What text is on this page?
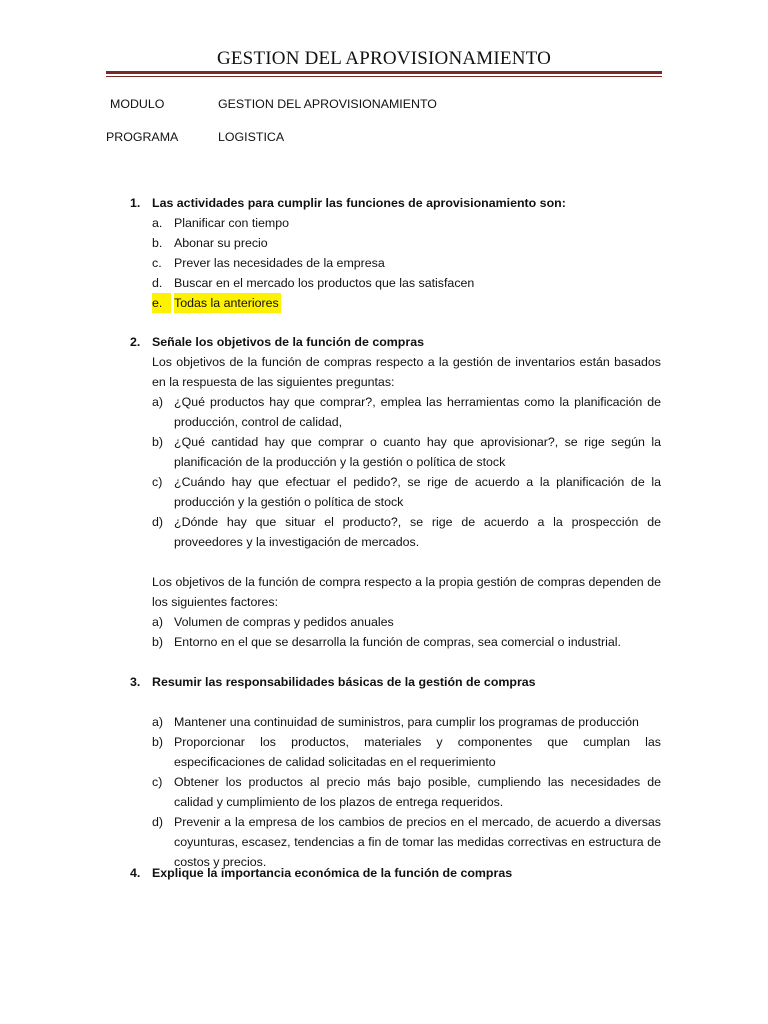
GESTION DEL APROVISIONAMIENTO
MODULO	GESTION DEL APROVISIONAMIENTO
PROGRAMA	LOGISTICA
1. Las actividades para cumplir las funciones de aprovisionamiento son:
a. Planificar con tiempo
b. Abonar su precio
c. Prever las necesidades de la empresa
d. Buscar en el mercado los productos que las satisfacen
e. Todas la anteriores
2. Señale los objetivos de la función de compras
Los objetivos de la función de compras respecto a la gestión de inventarios están basados en la respuesta de las siguientes preguntas:
a) ¿Qué productos hay que comprar?, emplea las herramientas como la planificación de producción, control de calidad,
b) ¿Qué cantidad hay que comprar o cuanto hay que aprovisionar?, se rige según la planificación de la producción y la gestión o política de stock
c) ¿Cuándo hay que efectuar el pedido?, se rige de acuerdo a la planificación de la producción y la gestión o política de stock
d) ¿Dónde hay que situar el producto?, se rige de acuerdo a la prospección de proveedores y la investigación de mercados.
Los objetivos de la función de compra respecto a la propia gestión de compras dependen de los siguientes factores:
a) Volumen de compras y pedidos anuales
b) Entorno en el que se desarrolla la función de compras, sea comercial o industrial.
3. Resumir las responsabilidades básicas de la gestión de compras
a) Mantener una continuidad de suministros, para cumplir los programas de producción
b) Proporcionar los productos, materiales y componentes que cumplan las especificaciones de calidad solicitadas en el requerimiento
c) Obtener los productos al precio más bajo posible, cumpliendo las necesidades de calidad y cumplimiento de los plazos de entrega requeridos.
d) Prevenir a la empresa de los cambios de precios en el mercado, de acuerdo a diversas coyunturas, escasez, tendencias a fin de tomar las medidas correctivas en estructura de costos y precios.
4. Explique la importancia económica de la función de compras
